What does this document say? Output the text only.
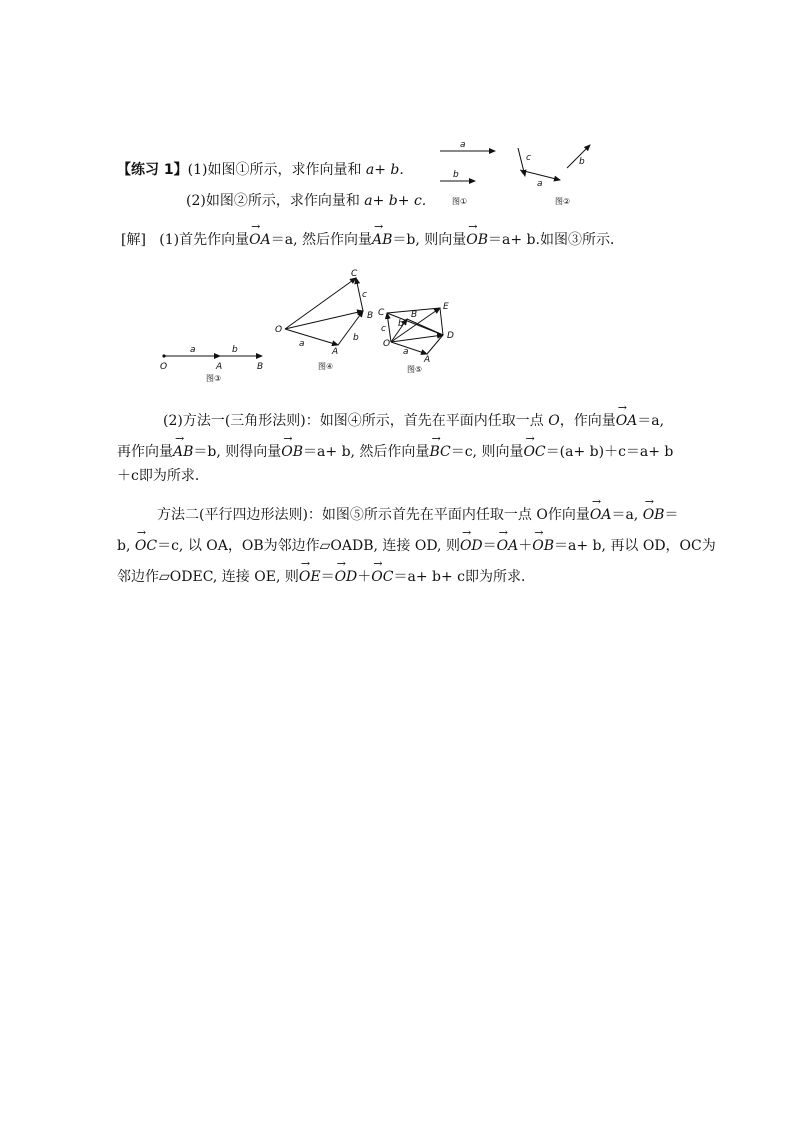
【练习 1】(1)如图①所示，求作向量和 a+ b.
(2)如图②所示，求作向量和 a+ b+ c.
a
b
图①
c
a
b
图②
[解] (1)首先作向量→ OA＝a, 然后作向量→ AB＝b, 则向量→ OB＝a+ b.如图③所示．
a	b
O	A	B
图③
C
c
O
B
a
b
A
图④
C
E
B
c b
O
D
a
A
图⑤
(2)方法一(三角形法则)：如图④所示，首先在平面内任取一点 O，作向量→ OA＝a,
再作向量→ AB＝b, 则得向量→ OB＝a+ b, 然后作向量→ BC＝c, 则向量→ OC＝(a+ b)＋c＝a+ b
＋c即为所求．
方法二(平行四边形法则)：如图⑤所示首先在平面内任取一点 O作向量→ OA＝a, → OB＝
b, → OC＝c, 以 OA，OB为邻边作▱OADB, 连接 OD, 则→ OD＝→ OA＋→ OB＝a+ b, 再以 OD，OC为
邻边作▱ODEC, 连接 OE, 则→ OE＝→ OD＋→ OC＝a+ b+ c即为所求．
